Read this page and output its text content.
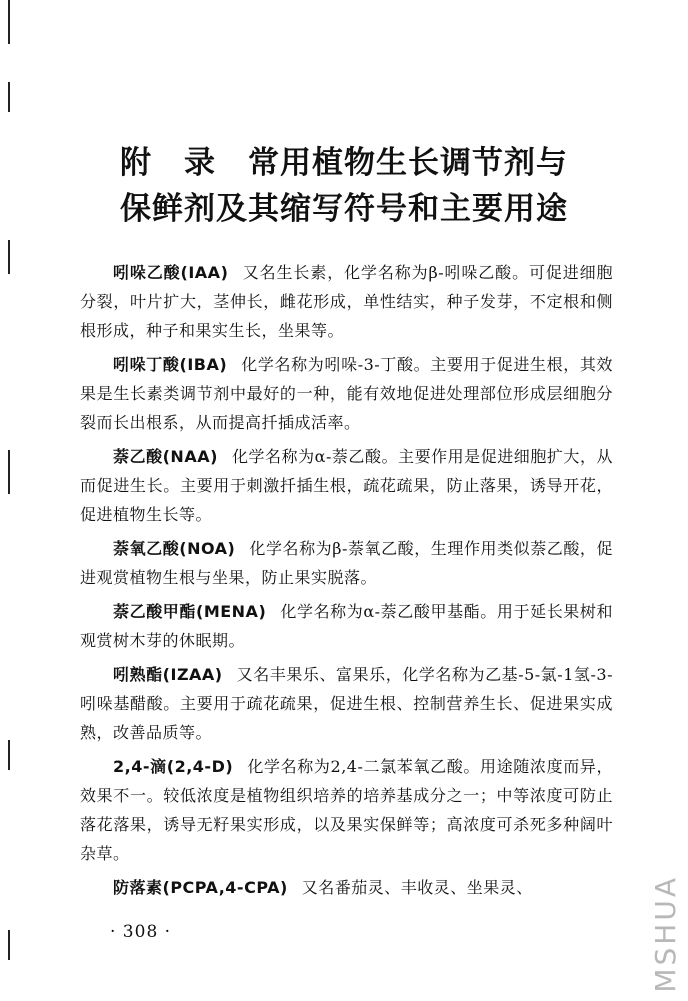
附　录　常用植物生长调节剂与
保鲜剂及其缩写符号和主要用途

吲哚乙酸(IAA) 又名生长素，化学名称为β-吲哚乙酸。可促进细胞分裂，叶片扩大，茎伸长，雌花形成，单性结实，种子发芽，不定根和侧根形成，种子和果实生长，坐果等。

吲哚丁酸(IBA) 化学名称为吲哚-3-丁酸。主要用于促进生根，其效果是生长素类调节剂中最好的一种，能有效地促进处理部位形成层细胞分裂而长出根系，从而提高扦插成活率。

萘乙酸(NAA) 化学名称为α-萘乙酸。主要作用是促进细胞扩大，从而促进生长。主要用于刺激扦插生根，疏花疏果，防止落果，诱导开花，促进植物生长等。

萘氧乙酸(NOA) 化学名称为β-萘氧乙酸，生理作用类似萘乙酸，促进观赏植物生根与坐果，防止果实脱落。

萘乙酸甲酯(MENA) 化学名称为α-萘乙酸甲基酯。用于延长果树和观赏树木芽的休眠期。

吲熟酯(IZAA) 又名丰果乐、富果乐，化学名称为乙基-5-氯-1氢-3-吲哚基醋酸。主要用于疏花疏果，促进生根、控制营养生长、促进果实成熟，改善品质等。

2,4-滴(2,4-D) 化学名称为2,4-二氯苯氧乙酸。用途随浓度而异，效果不一。较低浓度是植物组织培养的培养基成分之一；中等浓度可防止落花落果，诱导无籽果实形成，以及果实保鲜等；高浓度可杀死多种阔叶杂草。

防落素(PCPA,4-CPA) 又名番茄灵、丰收灵、坐果灵、

· 308 ·	MSHUA
